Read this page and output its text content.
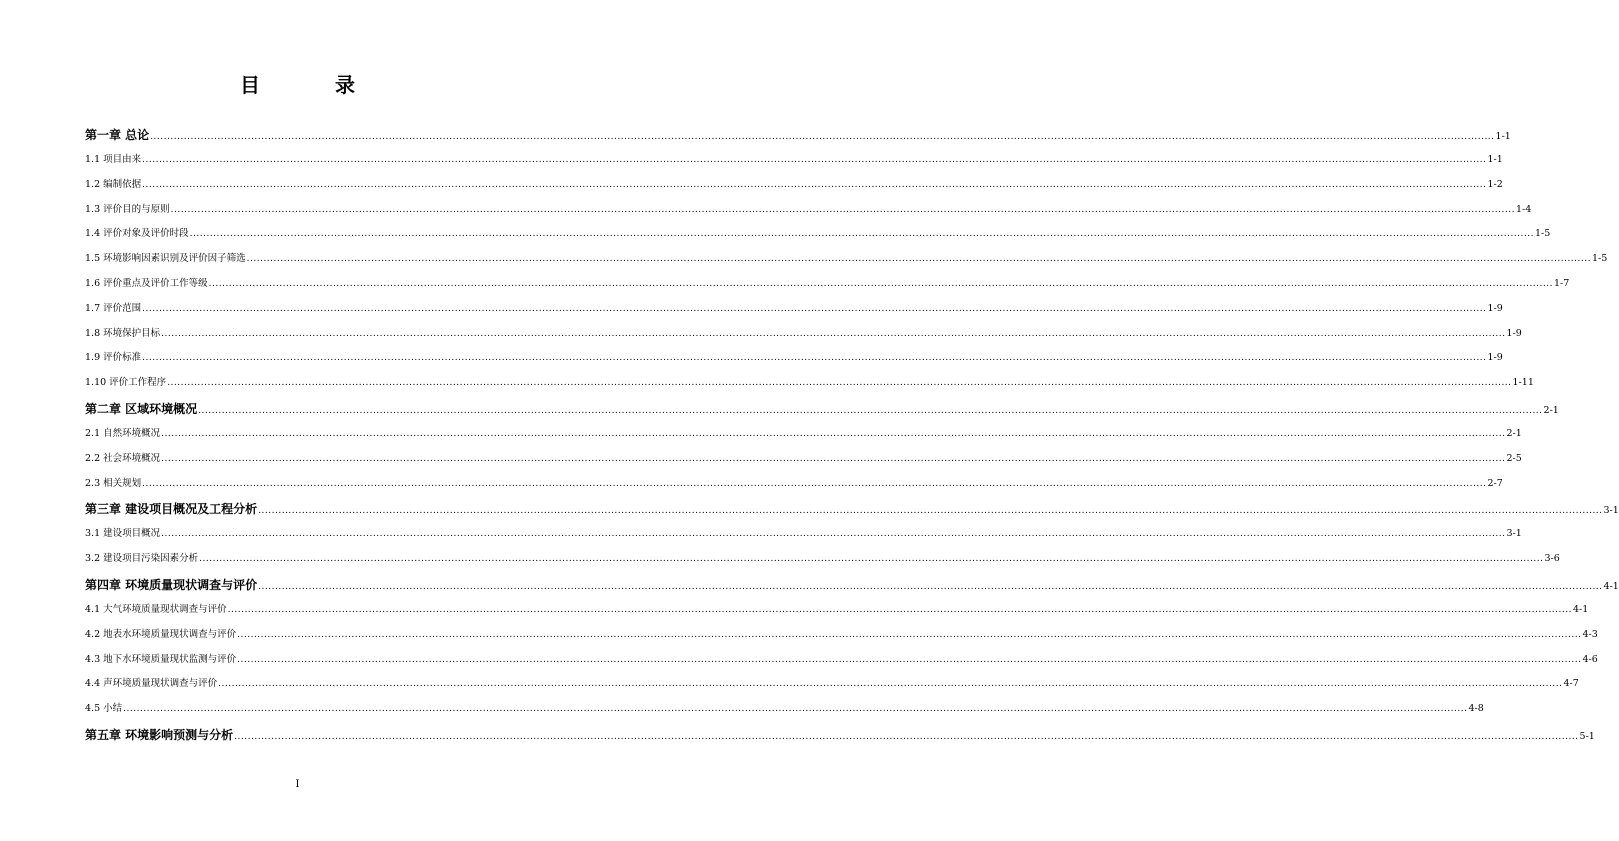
目 录
第一章 总论 ................................................................................................................................................................................................................................................................................................................................................................................................................ 1-1
1.1 项目由来 ................................................................................................................................................................................................................................................................................................................................................................................................................ 1-1
1.2 编制依据 ................................................................................................................................................................................................................................................................................................................................................................................................................ 1-2
1.3 评价目的与原则 ................................................................................................................................................................................................................................................................................................................................................................................................................ 1-4
1.4 评价对象及评价时段 ................................................................................................................................................................................................................................................................................................................................................................................................................ 1-5
1.5 环境影响因素识别及评价因子筛选 ................................................................................................................................................................................................................................................................................................................................................................................................................ 1-5
1.6 评价重点及评价工作等级 ................................................................................................................................................................................................................................................................................................................................................................................................................ 1-7
1.7 评价范围 ................................................................................................................................................................................................................................................................................................................................................................................................................ 1-9
1.8 环境保护目标 ................................................................................................................................................................................................................................................................................................................................................................................................................ 1-9
1.9 评价标准 ................................................................................................................................................................................................................................................................................................................................................................................................................ 1-9
1.10 评价工作程序 ................................................................................................................................................................................................................................................................................................................................................................................................................ 1-11
第二章 区域环境概况 ................................................................................................................................................................................................................................................................................................................................................................................................................ 2-1
2.1 自然环境概况 ................................................................................................................................................................................................................................................................................................................................................................................................................ 2-1
2.2 社会环境概况 ................................................................................................................................................................................................................................................................................................................................................................................................................ 2-5
2.3 相关规划 ................................................................................................................................................................................................................................................................................................................................................................................................................ 2-7
第三章 建设项目概况及工程分析 ................................................................................................................................................................................................................................................................................................................................................................................................................ 3-1
3.1 建设项目概况 ................................................................................................................................................................................................................................................................................................................................................................................................................ 3-1
3.2 建设项目污染因素分析 ................................................................................................................................................................................................................................................................................................................................................................................................................ 3-6
第四章 环境质量现状调查与评价 ................................................................................................................................................................................................................................................................................................................................................................................................................ 4-1
4.1 大气环境质量现状调查与评价 ................................................................................................................................................................................................................................................................................................................................................................................................................ 4-1
4.2 地表水环境质量现状调查与评价 ................................................................................................................................................................................................................................................................................................................................................................................................................ 4-3
4.3 地下水环境质量现状监测与评价 ................................................................................................................................................................................................................................................................................................................................................................................................................ 4-6
4.4 声环境质量现状调查与评价 ................................................................................................................................................................................................................................................................................................................................................................................................................ 4-7
4.5 小结 ................................................................................................................................................................................................................................................................................................................................................................................................................ 4-8
第五章 环境影响预测与分析 ................................................................................................................................................................................................................................................................................................................................................................................................................ 5-1
I
